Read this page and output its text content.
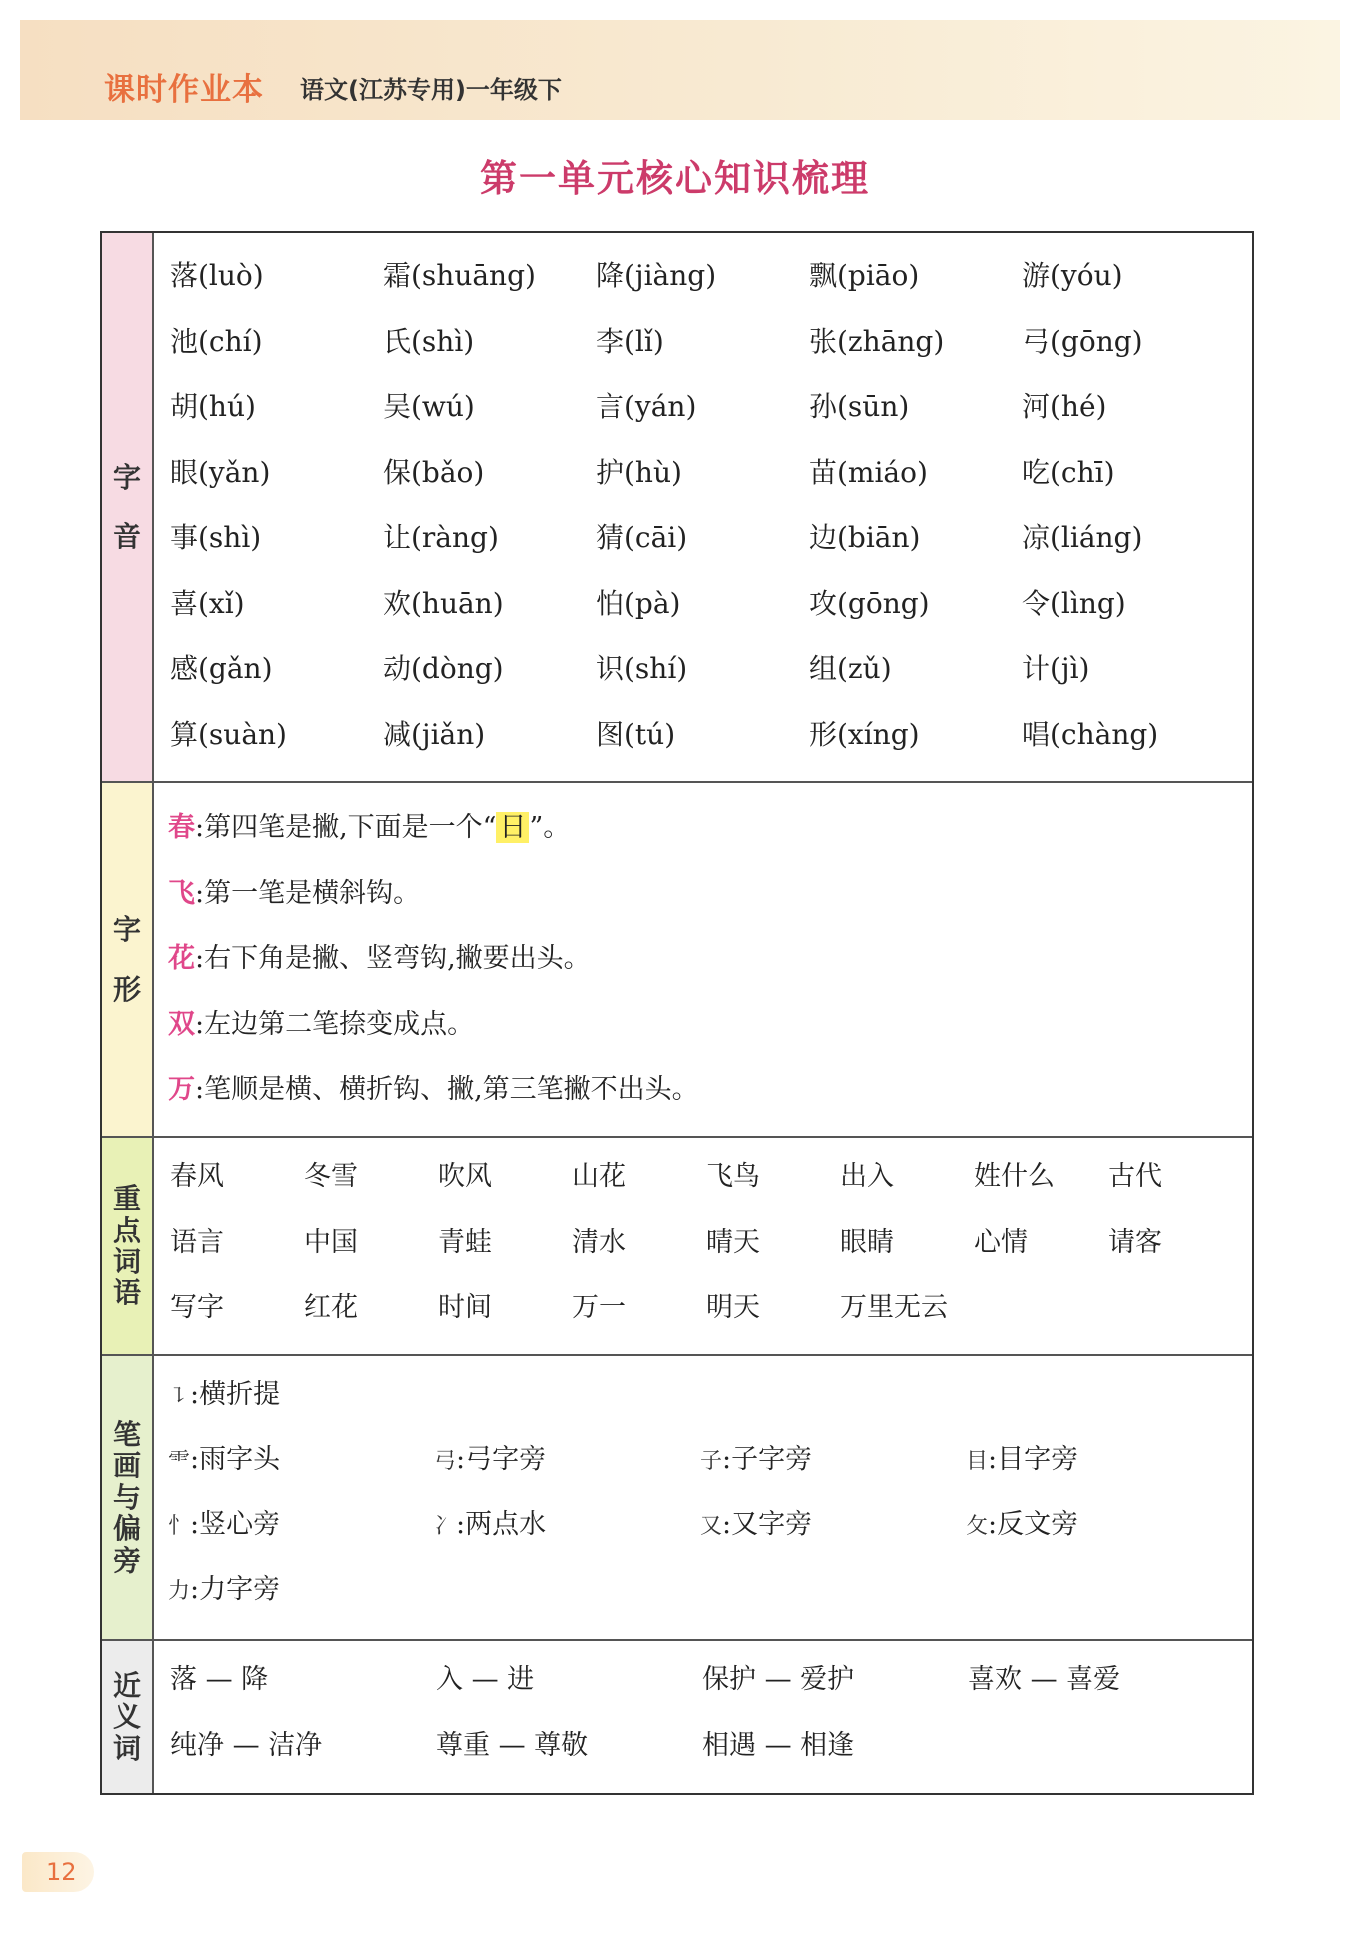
课时作业本 语文(江苏专用)一年级下
第一单元核心知识梳理
字
音
落(luò)	霜(shuāng)	降(jiàng)	飘(piāo)	游(yóu)
池(chí)	氏(shì)	李(lǐ)	张(zhāng)	弓(gōng)
胡(hú)	吴(wú)	言(yán)	孙(sūn)	河(hé)
眼(yǎn)	保(bǎo)	护(hù)	苗(miáo)	吃(chī)
事(shì)	让(ràng)	猜(cāi)	边(biān)	凉(liáng)
喜(xǐ)	欢(huān)	怕(pà)	攻(gōng)	令(lìng)
感(gǎn)	动(dòng)	识(shí)	组(zǔ)	计(jì)
算(suàn)	减(jiǎn)	图(tú)	形(xíng)	唱(chàng)
字
形
春:第四笔是撇,下面是一个“ 日 ”。
飞:第一笔是横斜钩。
花:右下角是撇、竖弯钩,撇要出头。
双:左边第二笔捺变成点。
万:笔顺是横、横折钩、撇,第三笔撇不出头。
重
点
词
语
春风	冬雪	吹风	山花	飞鸟	出入	姓什么	古代
语言	中国	青蛙	清水	晴天	眼睛	心情	请客
写字	红花	时间	万一	明天	万里无云
笔
画
与
偏
旁
㇊:横折提
⻗:雨字头	弓:弓字旁	子:子字旁	目:目字旁
忄:竖心旁	冫:两点水	又:又字旁	攵:反文旁
力:力字旁
近
义
词
落 — 降	入 — 进	保护 — 爱护	喜欢 — 喜爱
纯净 — 洁净	尊重 — 尊敬	相遇 — 相逢
12
